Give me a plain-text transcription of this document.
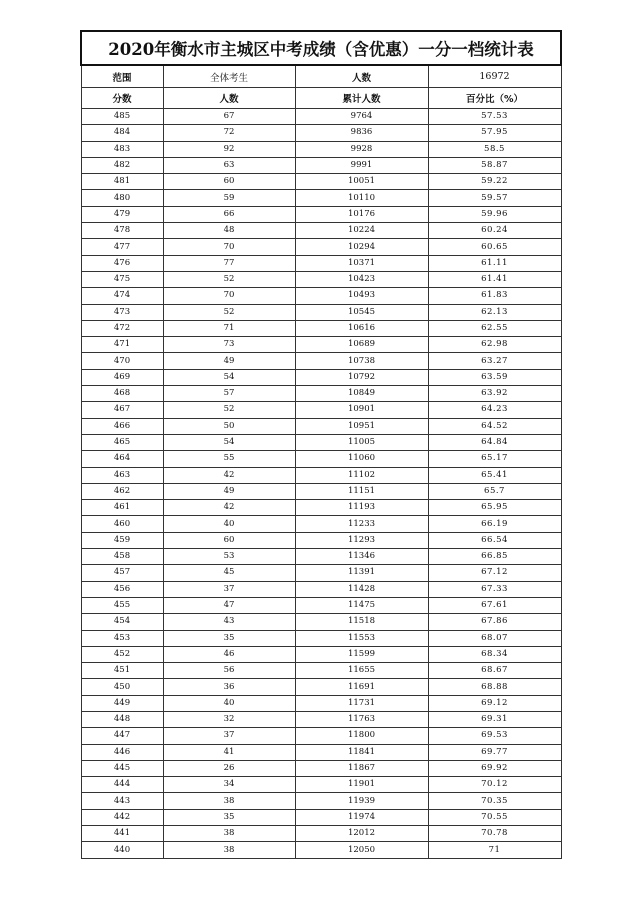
2020年衡水市主城区中考成绩（含优惠）一分一档统计表			
范围	全体考生	人数	16972
分数	人数	累计人数	百分比（%）
485	67	9764	57.53
484	72	9836	57.95
483	92	9928	58.5
482	63	9991	58.87
481	60	10051	59.22
480	59	10110	59.57
479	66	10176	59.96
478	48	10224	60.24
477	70	10294	60.65
476	77	10371	61.11
475	52	10423	61.41
474	70	10493	61.83
473	52	10545	62.13
472	71	10616	62.55
471	73	10689	62.98
470	49	10738	63.27
469	54	10792	63.59
468	57	10849	63.92
467	52	10901	64.23
466	50	10951	64.52
465	54	11005	64.84
464	55	11060	65.17
463	42	11102	65.41
462	49	11151	65.7
461	42	11193	65.95
460	40	11233	66.19
459	60	11293	66.54
458	53	11346	66.85
457	45	11391	67.12
456	37	11428	67.33
455	47	11475	67.61
454	43	11518	67.86
453	35	11553	68.07
452	46	11599	68.34
451	56	11655	68.67
450	36	11691	68.88
449	40	11731	69.12
448	32	11763	69.31
447	37	11800	69.53
446	41	11841	69.77
445	26	11867	69.92
444	34	11901	70.12
443	38	11939	70.35
442	35	11974	70.55
441	38	12012	70.78
440	38	12050	71
